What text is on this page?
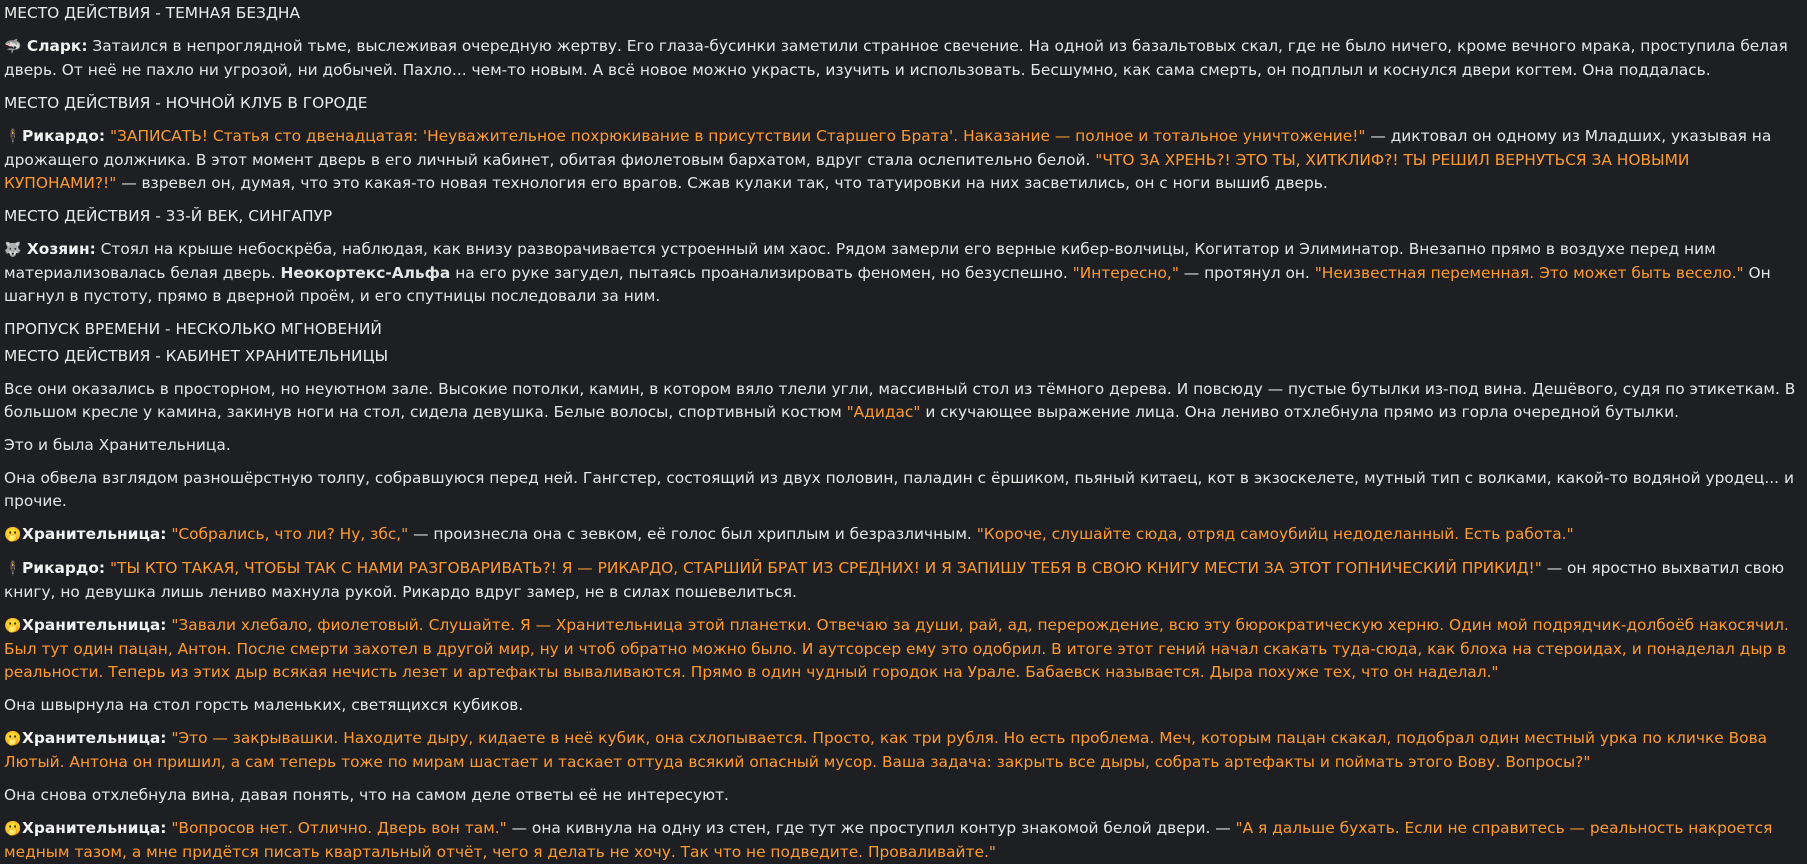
МЕСТО ДЕЙСТВИЯ - ТЕМНАЯ БЕЗДНА
🦈 Сларк: Затаился в непроглядной тьме, выслеживая очередную жертву. Его глаза-бусинки заметили странное свечение. На одной из базальтовых скал, где не было ничего, кроме вечного мрака, проступила белая дверь. От неё не пахло ни угрозой, ни добычей. Пахло... чем-то новым. А всё новое можно украсть, изучить и использовать. Бесшумно, как сама смерть, он подплыл и коснулся двери когтем. Она поддалась.
МЕСТО ДЕЙСТВИЯ - НОЧНОЙ КЛУБ В ГОРОДЕ
🕴Рикардо: "ЗАПИСАТЬ! Статья сто двенадцатая: 'Неуважительное похрюкивание в присутствии Старшего Брата'. Наказание — полное и тотальное уничтожение!" — диктовал он одному из Младших, указывая на дрожащего должника. В этот момент дверь в его личный кабинет, обитая фиолетовым бархатом, вдруг стала ослепительно белой. "ЧТО ЗА ХРЕНЬ?! ЭТО ТЫ, ХИТКЛИФ?! ТЫ РЕШИЛ ВЕРНУТЬСЯ ЗА НОВЫМИ КУПОНАМИ?!" — взревел он, думая, что это какая-то новая технология его врагов. Сжав кулаки так, что татуировки на них засветились, он с ноги вышиб дверь.
МЕСТО ДЕЙСТВИЯ - 33-Й ВЕК, СИНГАПУР
🐺 Хозяин: Стоял на крыше небоскрёба, наблюдая, как внизу разворачивается устроенный им хаос. Рядом замерли его верные кибер-волчицы, Когитатор и Элиминатор. Внезапно прямо в воздухе перед ним материализовалась белая дверь. Неокортекс-Альфа на его руке загудел, пытаясь проанализировать феномен, но безуспешно. "Интересно," — протянул он. "Неизвестная переменная. Это может быть весело." Он шагнул в пустоту, прямо в дверной проём, и его спутницы последовали за ним.
ПРОПУСК ВРЕМЕНИ - НЕСКОЛЬКО МГНОВЕНИЙ
МЕСТО ДЕЙСТВИЯ - КАБИНЕТ ХРАНИТЕЛЬНИЦЫ
Все они оказались в просторном, но неуютном зале. Высокие потолки, камин, в котором вяло тлели угли, массивный стол из тёмного дерева. И повсюду — пустые бутылки из-под вина. Дешёвого, судя по этикеткам. В большом кресле у камина, закинув ноги на стол, сидела девушка. Белые волосы, спортивный костюм "Адидас" и скучающее выражение лица. Она лениво отхлебнула прямо из горла очередной бутылки.
Это и была Хранительница.
Она обвела взглядом разношёрстную толпу, собравшуюся перед ней. Гангстер, состоящий из двух половин, паладин с ёршиком, пьяный китаец, кот в экзоскелете, мутный тип с волками, какой-то водяной уродец... и прочие.
🫢Хранительница: "Собрались, что ли? Ну, збс," — произнесла она с зевком, её голос был хриплым и безразличным. "Короче, слушайте сюда, отряд самоубийц недоделанный. Есть работа."
🕴Рикардо: "ТЫ КТО ТАКАЯ, ЧТОБЫ ТАК С НАМИ РАЗГОВАРИВАТЬ?! Я — РИКАРДО, СТАРШИЙ БРАТ ИЗ СРЕДНИХ! И Я ЗАПИШУ ТЕБЯ В СВОЮ КНИГУ МЕСТИ ЗА ЭТОТ ГОПНИЧЕСКИЙ ПРИКИД!" — он яростно выхватил свою книгу, но девушка лишь лениво махнула рукой. Рикардо вдруг замер, не в силах пошевелиться.
🫢Хранительница: "Завали хлебало, фиолетовый. Слушайте. Я — Хранительница этой планетки. Отвечаю за души, рай, ад, перерождение, всю эту бюрократическую херню. Один мой подрядчик-долбоёб накосячил. Был тут один пацан, Антон. После смерти захотел в другой мир, ну и чтоб обратно можно было. И аутсорсер ему это одобрил. В итоге этот гений начал скакать туда-сюда, как блоха на стероидах, и понаделал дыр в реальности. Теперь из этих дыр всякая нечисть лезет и артефакты вываливаются. Прямо в один чудный городок на Урале. Бабаевск называется. Дыра похуже тех, что он наделал."
Она швырнула на стол горсть маленьких, светящихся кубиков.
🫢Хранительница: "Это — закрывашки. Находите дыру, кидаете в неё кубик, она схлопывается. Просто, как три рубля. Но есть проблема. Меч, которым пацан скакал, подобрал один местный урка по кличке Вова Лютый. Антона он пришил, а сам теперь тоже по мирам шастает и таскает оттуда всякий опасный мусор. Ваша задача: закрыть все дыры, собрать артефакты и поймать этого Вову. Вопросы?"
Она снова отхлебнула вина, давая понять, что на самом деле ответы её не интересуют.
🫢Хранительница: "Вопросов нет. Отлично. Дверь вон там." — она кивнула на одну из стен, где тут же проступил контур знакомой белой двери. — "А я дальше бухать. Если не справитесь — реальность накроется медным тазом, а мне придётся писать квартальный отчёт, чего я делать не хочу. Так что не подведите. Проваливайте."
